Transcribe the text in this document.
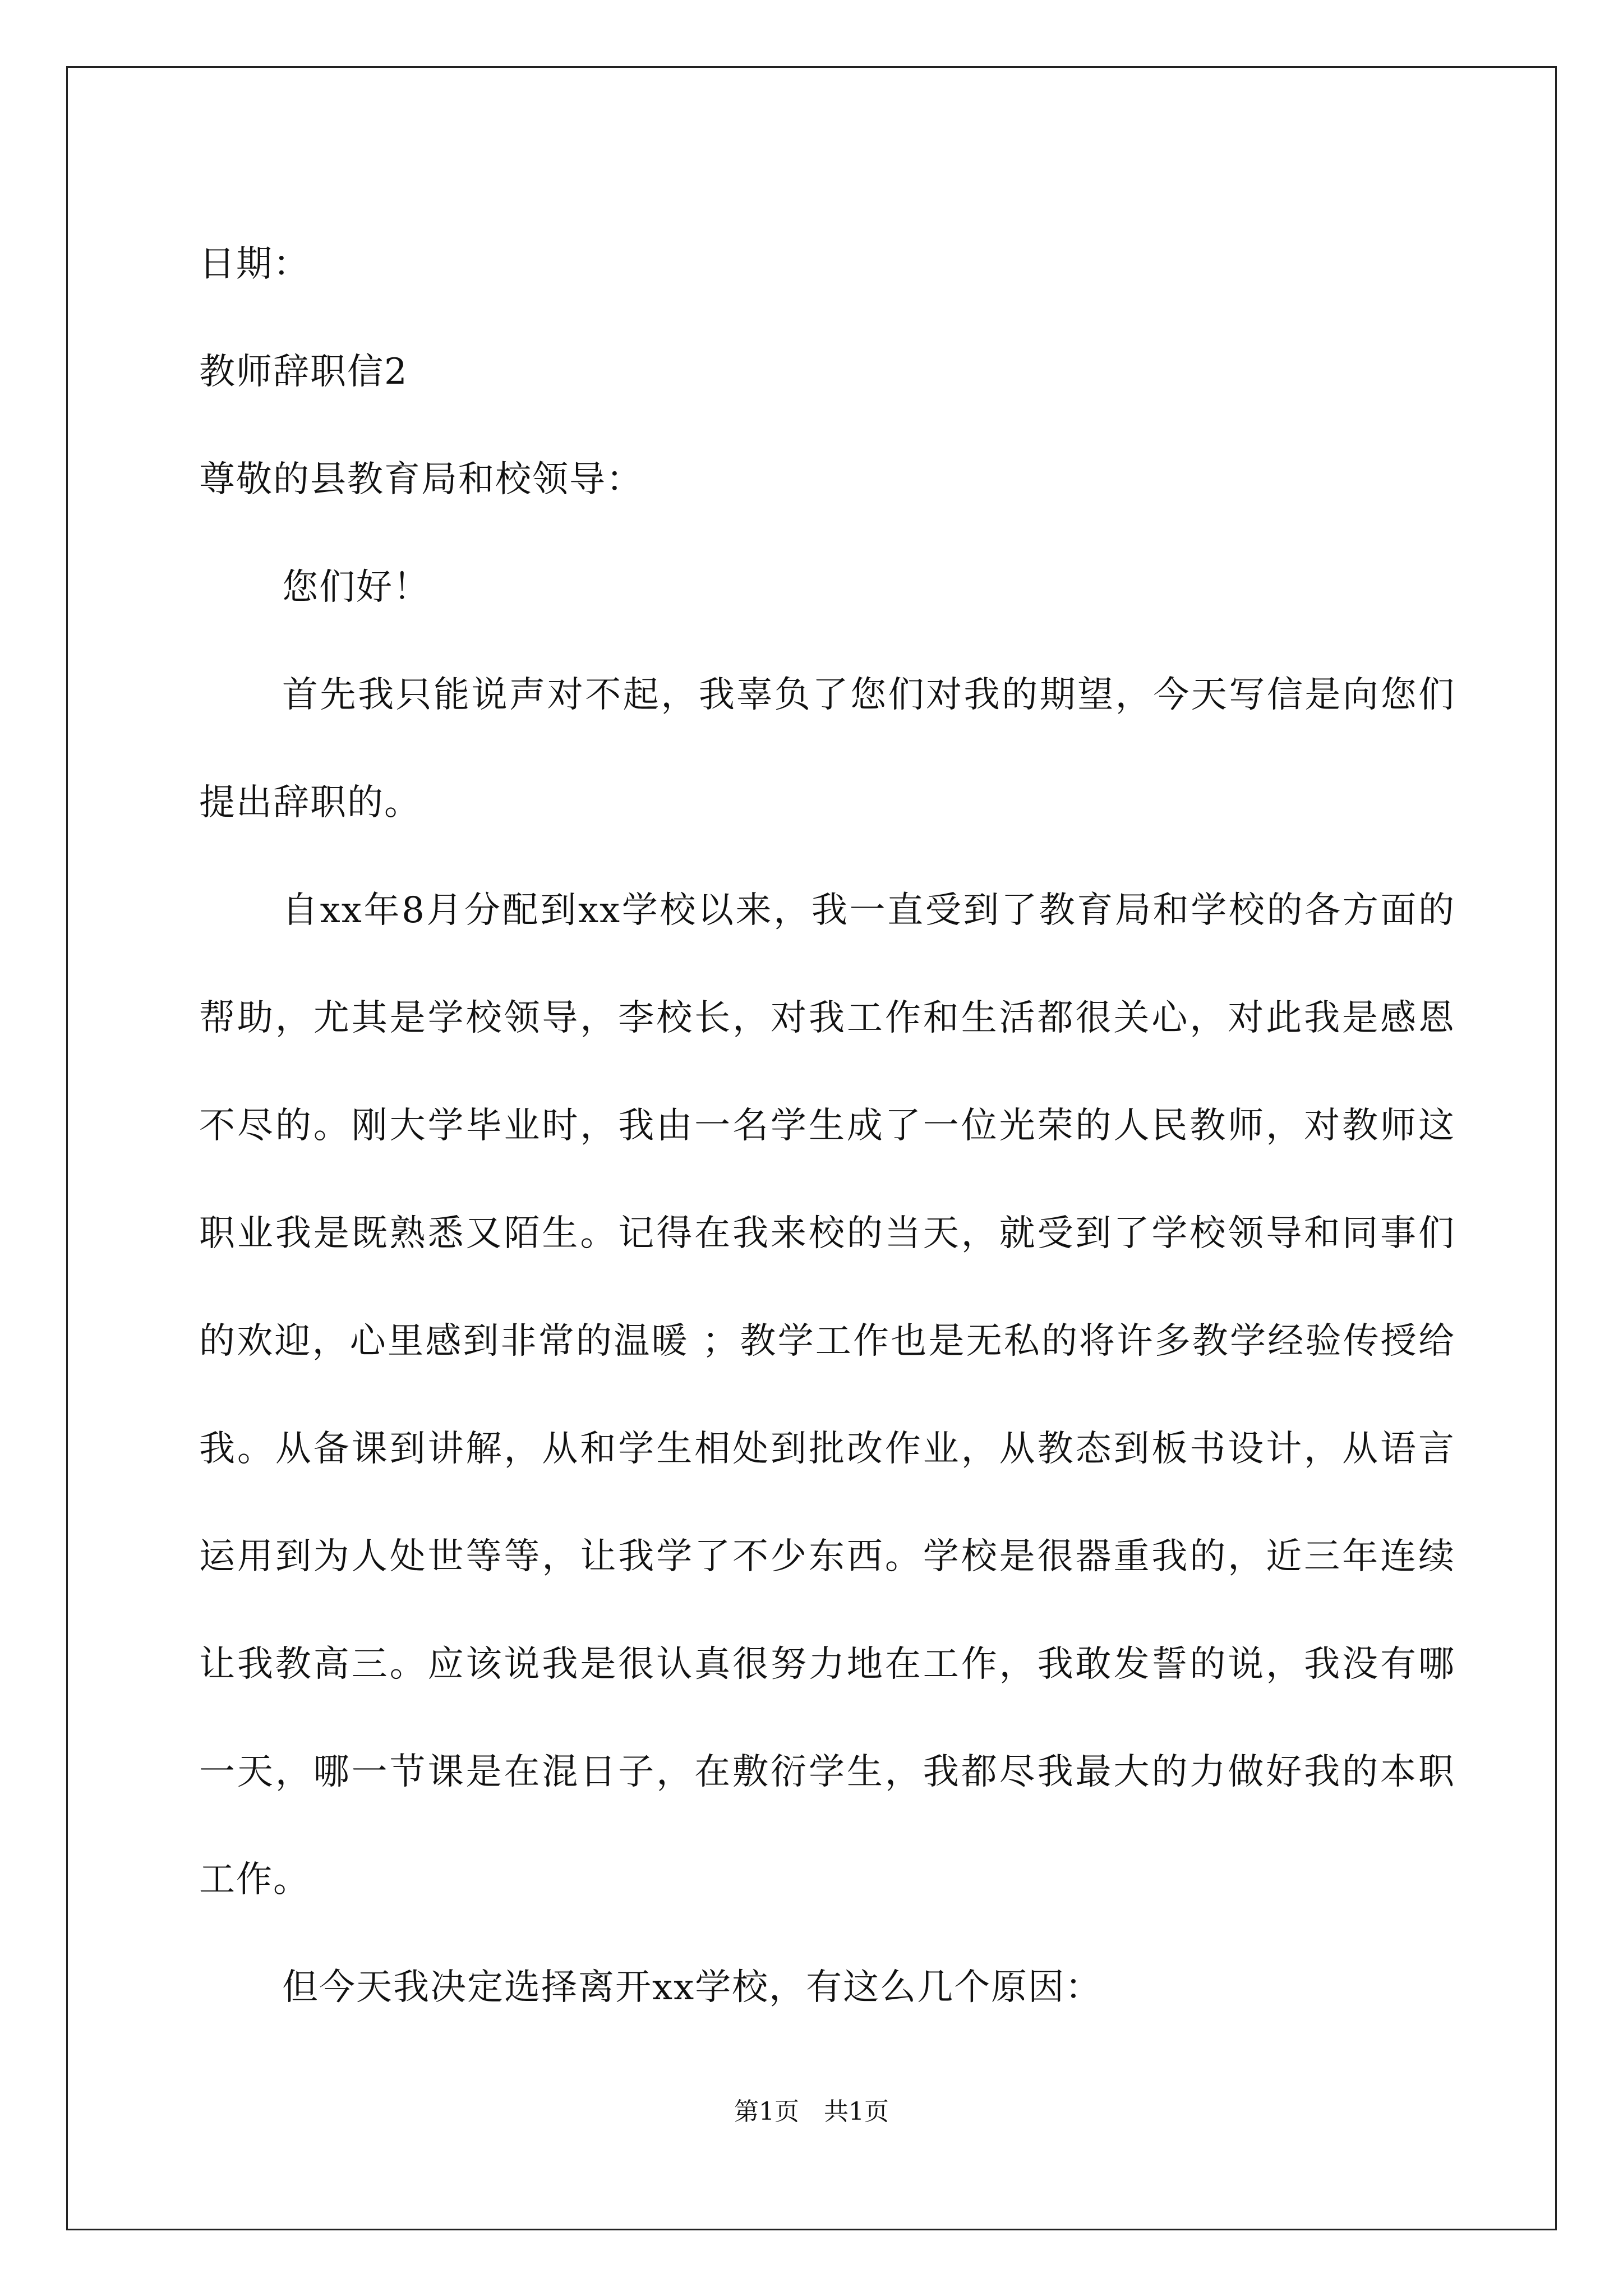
日期：
教师辞职信2
尊敬的县教育局和校领导：
您们好！

首先我只能说声对不起，我辜负了您们对我的期望，今天写信是向您们提出辞职的。

自xx年8月分配到xx学校以来，我一直受到了教育局和学校的各方面的帮助，尤其是学校领导，李校长，对我工作和生活都很关心，对此我是感恩不尽的。刚大学毕业时，我由一名学生成了一位光荣的人民教师，对教师这职业我是既熟悉又陌生。记得在我来校的当天，就受到了学校领导和同事们的欢迎，心里感到非常的温暖 ；教学工作也是无私的将许多教学经验传授给我。从备课到讲解，从和学生相处到批改作业，从教态到板书设计，从语言运用到为人处世等等，让我学了不少东西。学校是很器重我的，近三年连续让我教高三。应该说我是很认真很努力地在工作，我敢发誓的说，我没有哪一天，哪一节课是在混日子，在敷衍学生，我都尽我最大的力做好我的本职工作。

但今天我决定选择离开xx学校，有这么几个原因：

第1页　共1页
